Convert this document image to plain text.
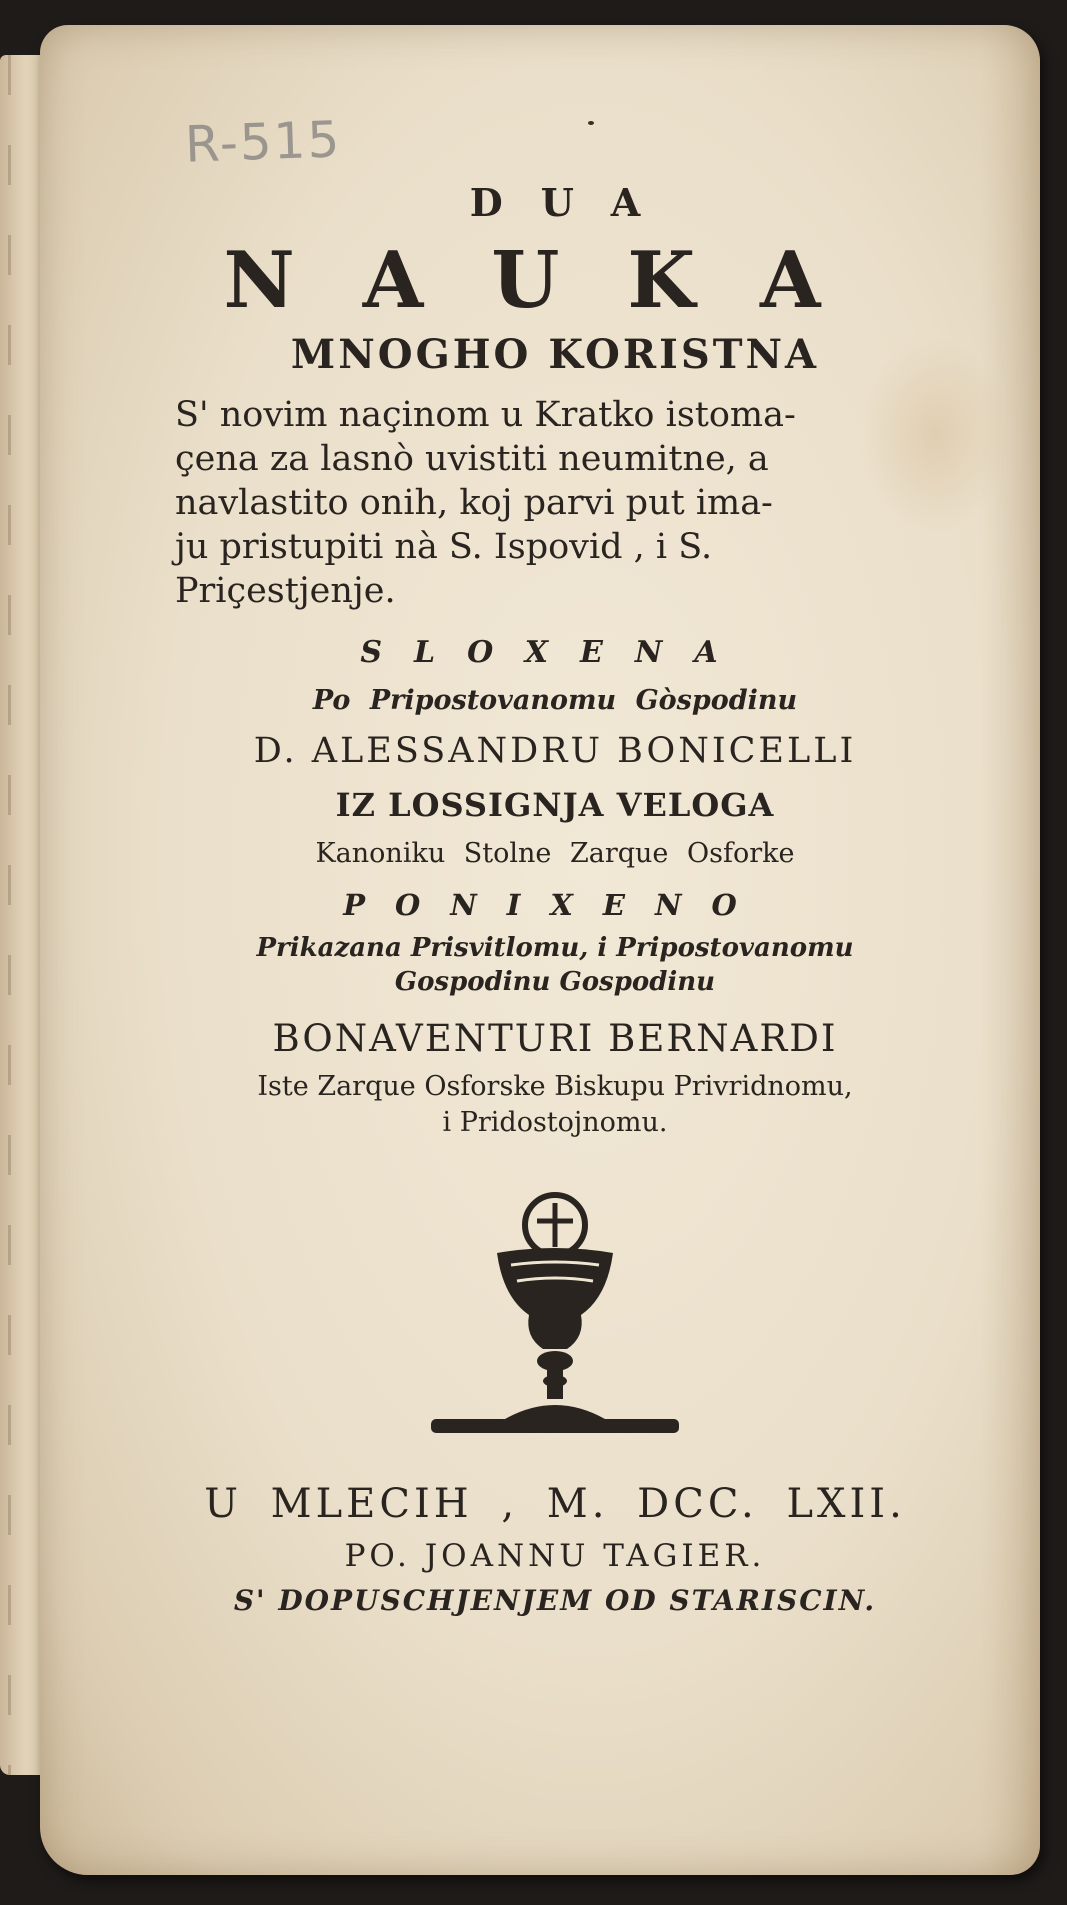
R-515
DUA
NAUKA
MNOGHO KORISTNA
S' novim naçinom u Kratko istoma-
çena za lasnò uvistiti neumitne, a
navlastito onih, koj parvi put ima-
ju pristupiti nà S. Ispovid , i S.
Priçestjenje.
SLOXENA
Po Pripostovanomu Gòspodinu
D. ALESSANDRU BONICELLI
IZ LOSSIGNJA VELOGA
Kanoniku Stolne Zarque Osforke
PONIXENO
Prikazana Prisvitlomu, i Pripostovanomu
Gospodinu Gospodinu
BONAVENTURI BERNARDI
Iste Zarque Osforske Biskupu Privridnomu,
i Pridostojnomu.
U MLECIH , M. DCC. LXII.
PO. JOANNU TAGIER.
S' DOPUSCHJENJEM OD STARISCIN.
